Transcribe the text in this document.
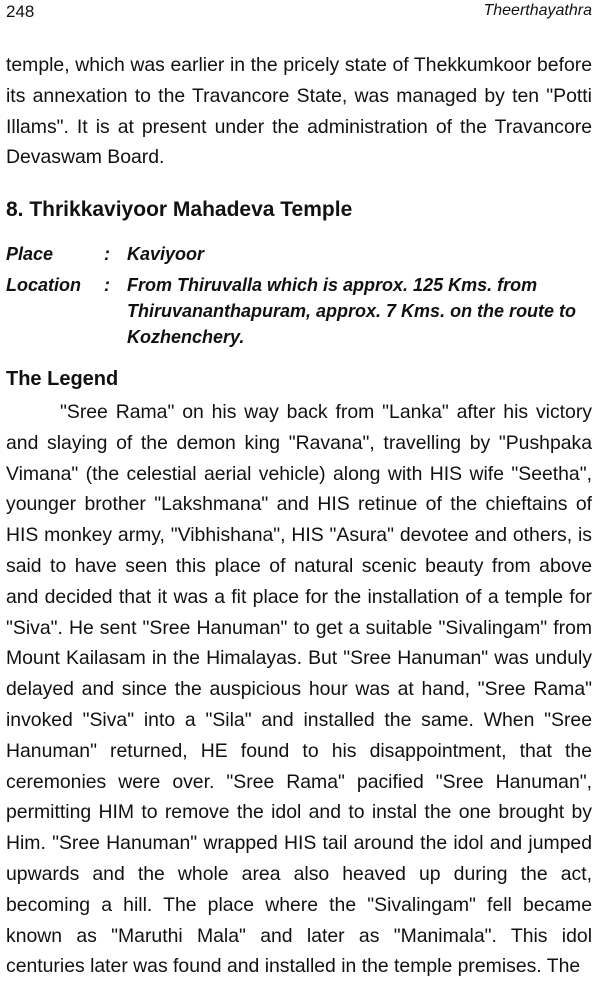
248	Theerthayathra
temple, which was earlier in the pricely state of Thekkumkoor before its annexation to the Travancore State, was managed by ten "Potti Illams". It is at present under the administration of the Travancore Devaswam Board.
8. Thrikkaviyoor Mahadeva Temple
Place	: Kaviyoor
Location : From Thiruvalla which is approx. 125 Kms. from Thiruvananthapuram, approx. 7 Kms. on the route to Kozhenchery.
The Legend
"Sree Rama" on his way back from "Lanka" after his victory and slaying of the demon king "Ravana", travelling by "Pushpaka Vimana" (the celestial aerial vehicle) along with HIS wife "Seetha", younger brother "Lakshmana" and HIS retinue of the chieftains of HIS monkey army, "Vibhishana", HIS "Asura" devotee and others, is said to have seen this place of natural scenic beauty from above and decided that it was a fit place for the installation of a temple for "Siva". He sent "Sree Hanuman" to get a suitable "Sivalingam" from Mount Kailasam in the Himalayas. But "Sree Hanuman" was unduly delayed and since the auspicious hour was at hand, "Sree Rama" invoked "Siva" into a "Sila" and installed the same. When "Sree Hanuman" returned, HE found to his disappointment, that the ceremonies were over. "Sree Rama" pacified "Sree Hanuman", permitting HIM to remove the idol and to instal the one brought by Him. "Sree Hanuman" wrapped HIS tail around the idol and jumped upwards and the whole area also heaved up during the act, becoming a hill. The place where the "Sivalingam" fell became known as "Maruthi Mala" and later as "Manimala". This idol centuries later was found and installed in the temple premises. The
